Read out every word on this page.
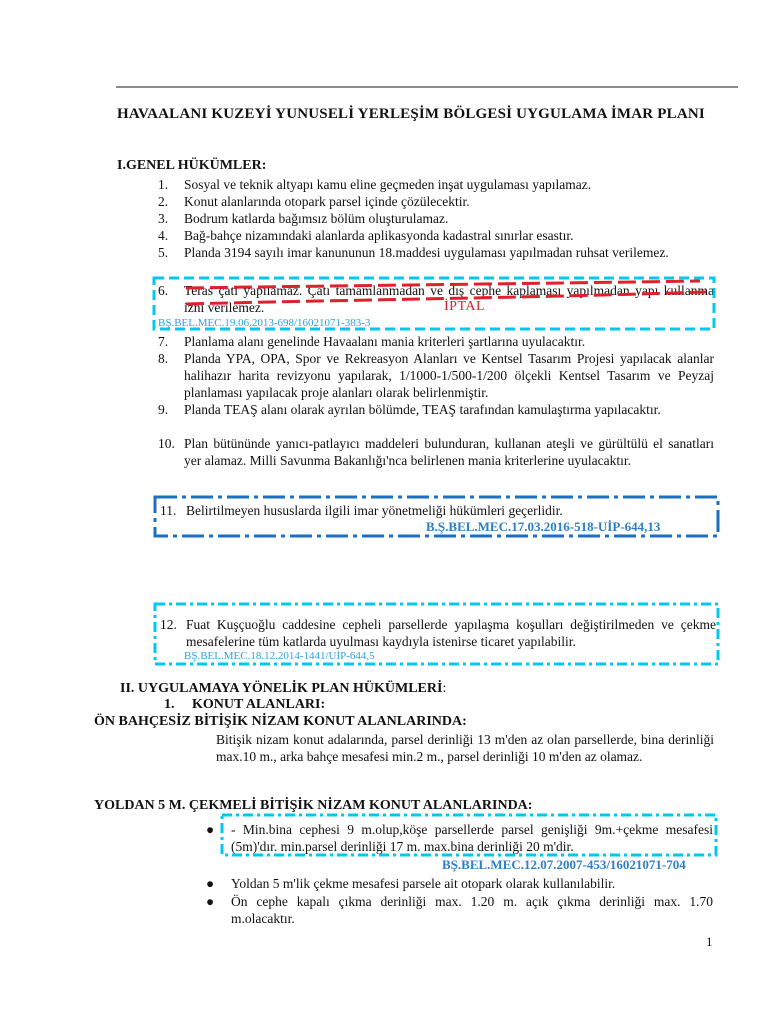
HAVAALANI KUZEYİ YUNUSELİ YERLEŞİM BÖLGESİ UYGULAMA İMAR PLANI
I.GENEL HÜKÜMLER:
1.	Sosyal ve teknik altyapı kamu eline geçmeden inşat uygulaması yapılamaz.
2.	Konut alanlarında otopark parsel içinde çözülecektir.
3.	Bodrum katlarda bağımsız bölüm oluşturulamaz.
4.	Bağ-bahçe nizamındaki alanlarda aplikasyonda kadastral sınırlar esastır.
5.	Planda 3194 sayılı imar kanununun 18.maddesi uygulaması yapılmadan ruhsat verilemez.
6.	Teras çatı yapılamaz. Çatı tamamlanmadan ve dış cephe kaplaması yapılmadan yapı kullanma izni verilemez.	İPTAL
BŞ.BEL.MEC.19.06.2013-698/16021071-383-3
7.	Planlama alanı genelinde Havaalanı mania kriterleri şartlarına uyulacaktır.
8.	Planda YPA, OPA, Spor ve Rekreasyon Alanları ve Kentsel Tasarım Projesi yapılacak alanlar halihazır harita revizyonu yapılarak, 1/1000-1/500-1/200 ölçekli Kentsel Tasarım ve Peyzaj planlaması yapılacak proje alanları olarak belirlenmiştir.
9.	Planda TEAŞ alanı olarak ayrılan bölümde, TEAŞ tarafından kamulaştırma yapılacaktır.
10. Plan bütününde yanıcı-patlayıcı maddeleri bulunduran, kullanan ateşli ve gürültülü el sanatları yer alamaz. Milli Savunma Bakanlığı'nca belirlenen mania kriterlerine uyulacaktır.
11. Belirtilmeyen hususlarda ilgili imar yönetmeliği hükümleri geçerlidir.
B.Ş.BEL.MEC.17.03.2016-518-UİP-644,13
12. Fuat Kuşçuoğlu caddesine cepheli parsellerde yapılaşma koşulları değiştirilmeden ve çekme mesafelerine tüm katlarda uyulması kaydıyla istenirse ticaret yapılabilir.
BŞ.BEL.MEC.18.12.2014-1441/UİP-644,5
II. UYGULAMAYA YÖNELİK PLAN HÜKÜMLERİ:
1. KONUT ALANLARI:
ÖN BAHÇESİZ BİTİŞİK NİZAM KONUT ALANLARINDA:
Bitişik nizam konut adalarında, parsel derinliği 13 m'den az olan parsellerde, bina derinliği max.10 m., arka bahçe mesafesi min.2 m., parsel derinliği 10 m'den az olamaz.
YOLDAN 5 M. ÇEKMELİ BİTİŞİK NİZAM KONUT ALANLARINDA:
●	- Min.bina cephesi 9 m.olup,köşe parsellerde parsel genişliği 9m.+çekme mesafesi (5m)'dır. min.parsel derinliği 17 m. max.bina derinliği 20 m'dir.
BŞ.BEL.MEC.12.07.2007-453/16021071-704
●	Yoldan 5 m'lik çekme mesafesi parsele ait otopark olarak kullanılabilir.
●	Ön cephe kapalı çıkma derinliği max. 1.20 m. açık çıkma derinliği max. 1.70 m.olacaktır.
1
